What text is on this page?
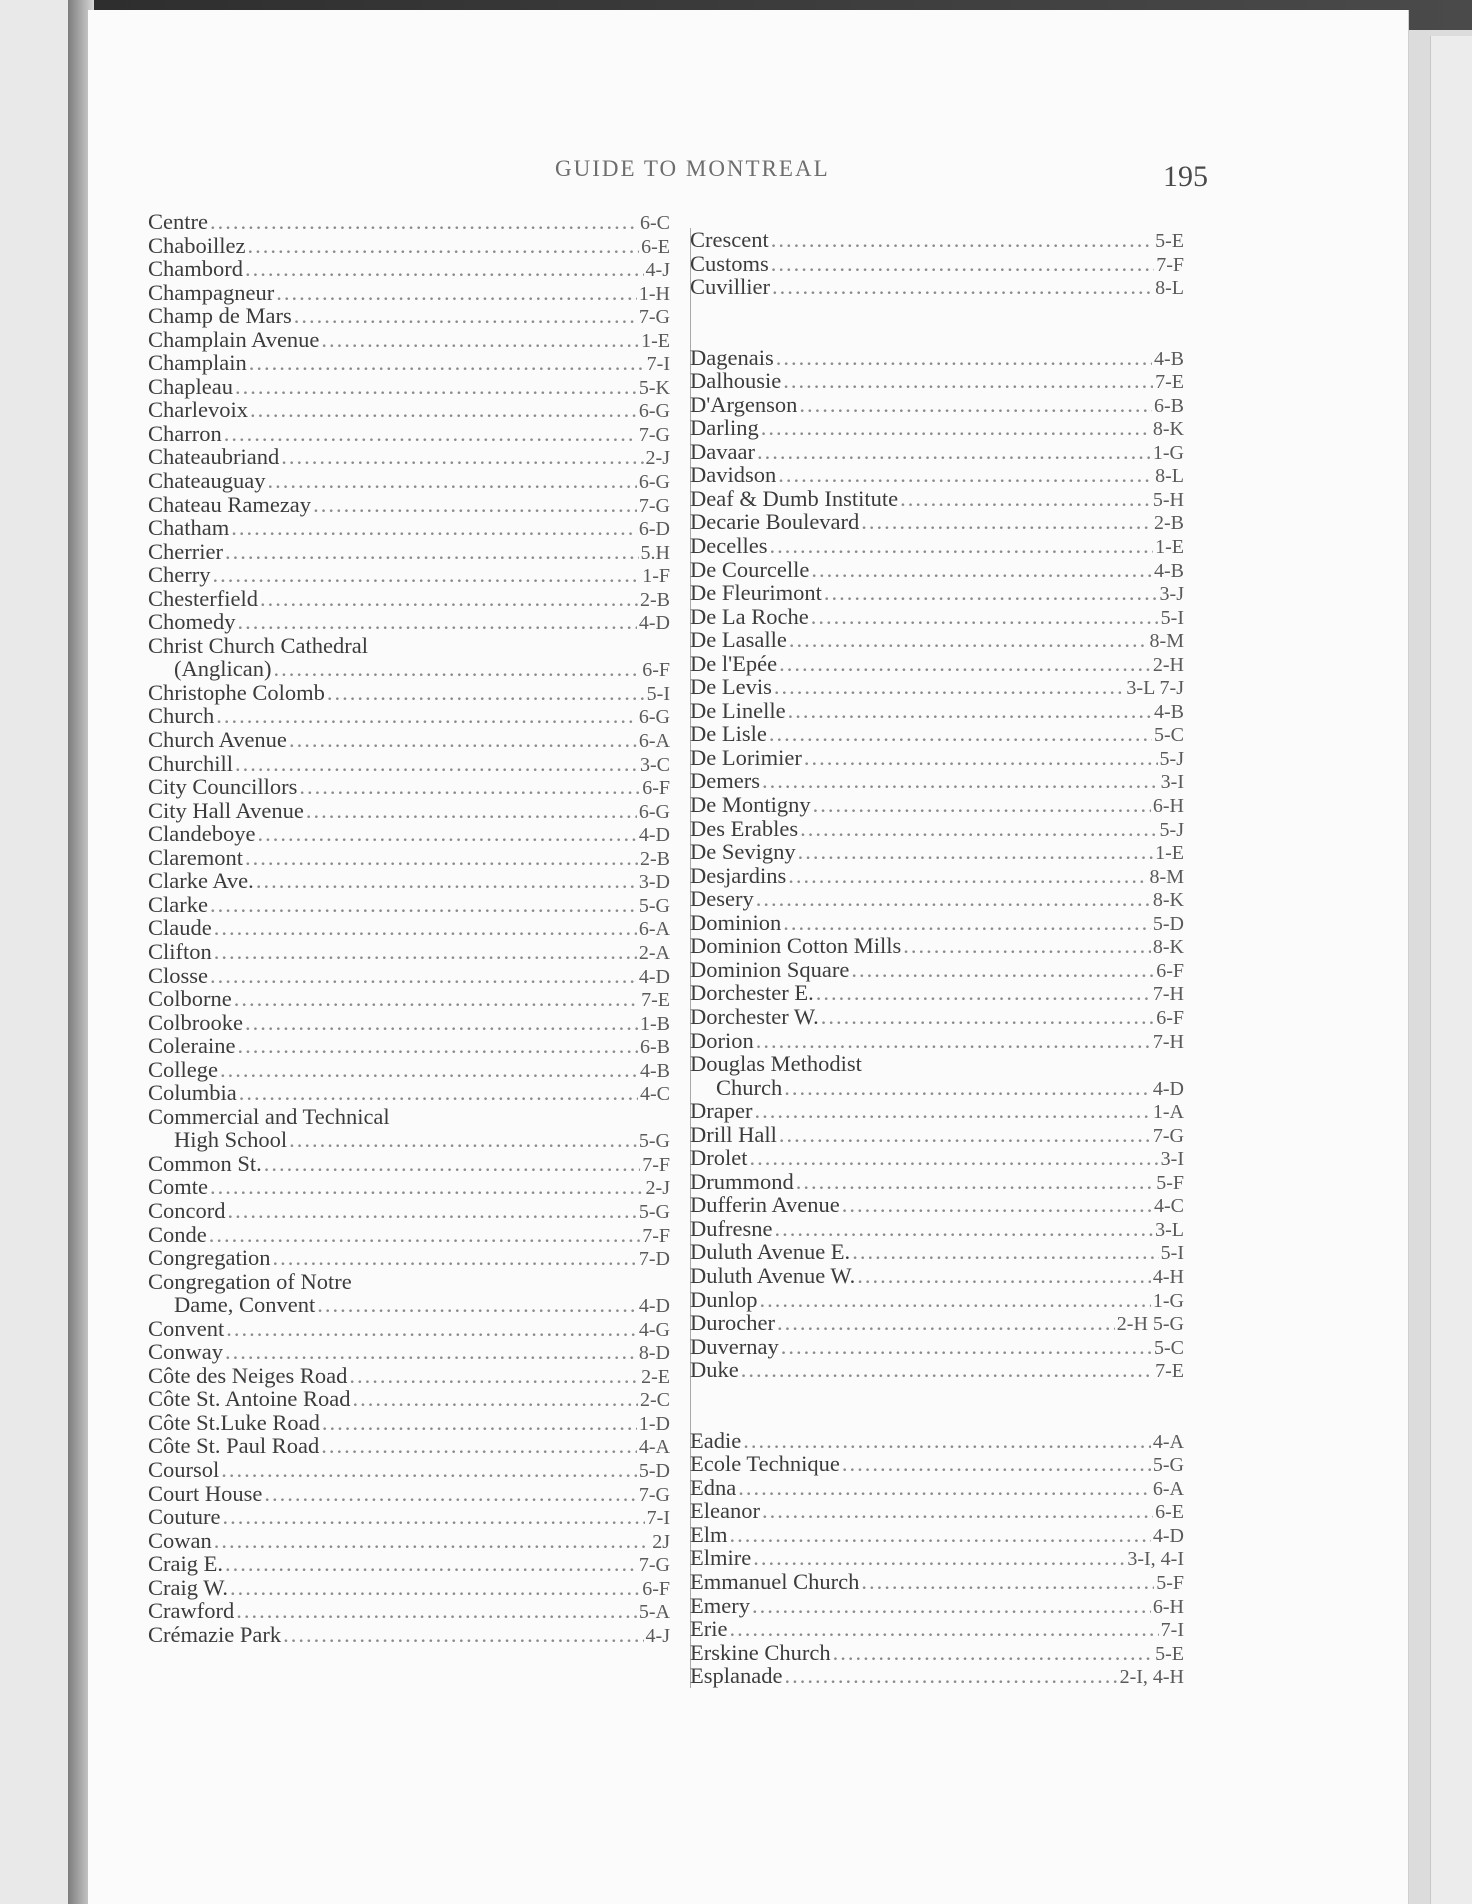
GUIDE TO MONTREAL	195
Centre .....	6-C
Chaboillez .....	6-E
Chambord .....	4-J
Champagneur .....	1-H
Champ de Mars .....	7-G
Champlain Avenue .....	1-E
Champlain .....	7-I
Chapleau .....	5-K
Charlevoix .....	6-G
Charron .....	7-G
Chateaubriand .....	2-J
Chateauguay .....	6-G
Chateau Ramezay .....	7-G
Chatham .....	6-D
Cherrier .....	5.H
Cherry .....	1-F
Chesterfield .....	2-B
Chomedy .....	4-D
Christ Church Cathedral
(Anglican) .....	6-F
Christophe Colomb .....	5-I
Church .....	6-G
Church Avenue .....	6-A
Churchill .....	3-C
City Councillors .....	6-F
City Hall Avenue .....	6-G
Clandeboye .....	4-D
Claremont .....	2-B
Clarke Ave. .....	3-D
Clarke .....	5-G
Claude .....	6-A
Clifton .....	2-A
Closse .....	4-D
Colborne .....	7-E
Colbrooke .....	1-B
Coleraine .....	6-B
College .....	4-B
Columbia .....	4-C
Commercial and Technical
High School .....	5-G
Common St. .....	7-F
Comte .....	2-J
Concord .....	5-G
Conde .....	7-F
Congregation .....	7-D
Congregation of Notre
Dame, Convent .....	4-D
Convent .....	4-G
Conway .....	8-D
Côte des Neiges Road .....	2-E
Côte St. Antoine Road .....	2-C
Côte St.Luke Road .....	1-D
Côte St. Paul Road .....	4-A
Coursol .....	5-D
Court House .....	7-G
Couture .....	7-I
Cowan .....	2J
Craig E. .....	7-G
Craig W. .....	6-F
Crawford .....	5-A
Crémazie Park .....	4-J
Crescent .....	5-E
Customs .....	7-F
Cuvillier .....	8-L
Dagenais .....	4-B
Dalhousie .....	7-E
D'Argenson .....	6-B
Darling .....	8-K
Davaar .....	1-G
Davidson .....	8-L
Deaf & Dumb Institute .....	5-H
Decarie Boulevard .....	2-B
Decelles .....	1-E
De Courcelle .....	4-B
De Fleurimont .....	3-J
De La Roche .....	5-I
De Lasalle .....	8-M
De l'Epée .....	2-H
De Levis .....	3-L 7-J
De Linelle .....	4-B
De Lisle .....	5-C
De Lorimier .....	5-J
Demers .....	3-I
De Montigny .....	6-H
Des Erables .....	5-J
De Sevigny .....	1-E
Desjardins .....	8-M
Desery .....	8-K
Dominion .....	5-D
Dominion Cotton Mills .....	8-K
Dominion Square .....	6-F
Dorchester E. .....	7-H
Dorchester W. .....	6-F
Dorion .....	7-H
Douglas Methodist
Church .....	4-D
Draper .....	1-A
Drill Hall .....	7-G
Drolet .....	3-I
Drummond .....	5-F
Dufferin Avenue .....	4-C
Dufresne .....	3-L
Duluth Avenue E. .....	5-I
Duluth Avenue W. .....	4-H
Dunlop .....	1-G
Durocher .....	2-H 5-G
Duvernay .....	5-C
Duke .....	7-E
Eadie .....	4-A
Ecole Technique .....	5-G
Edna .....	6-A
Eleanor .....	6-E
Elm .....	4-D
Elmire .....	3-I, 4-I
Emmanuel Church .....	5-F
Emery .....	6-H
Erie .....	7-I
Erskine Church .....	5-E
Esplanade .....	2-I, 4-H
